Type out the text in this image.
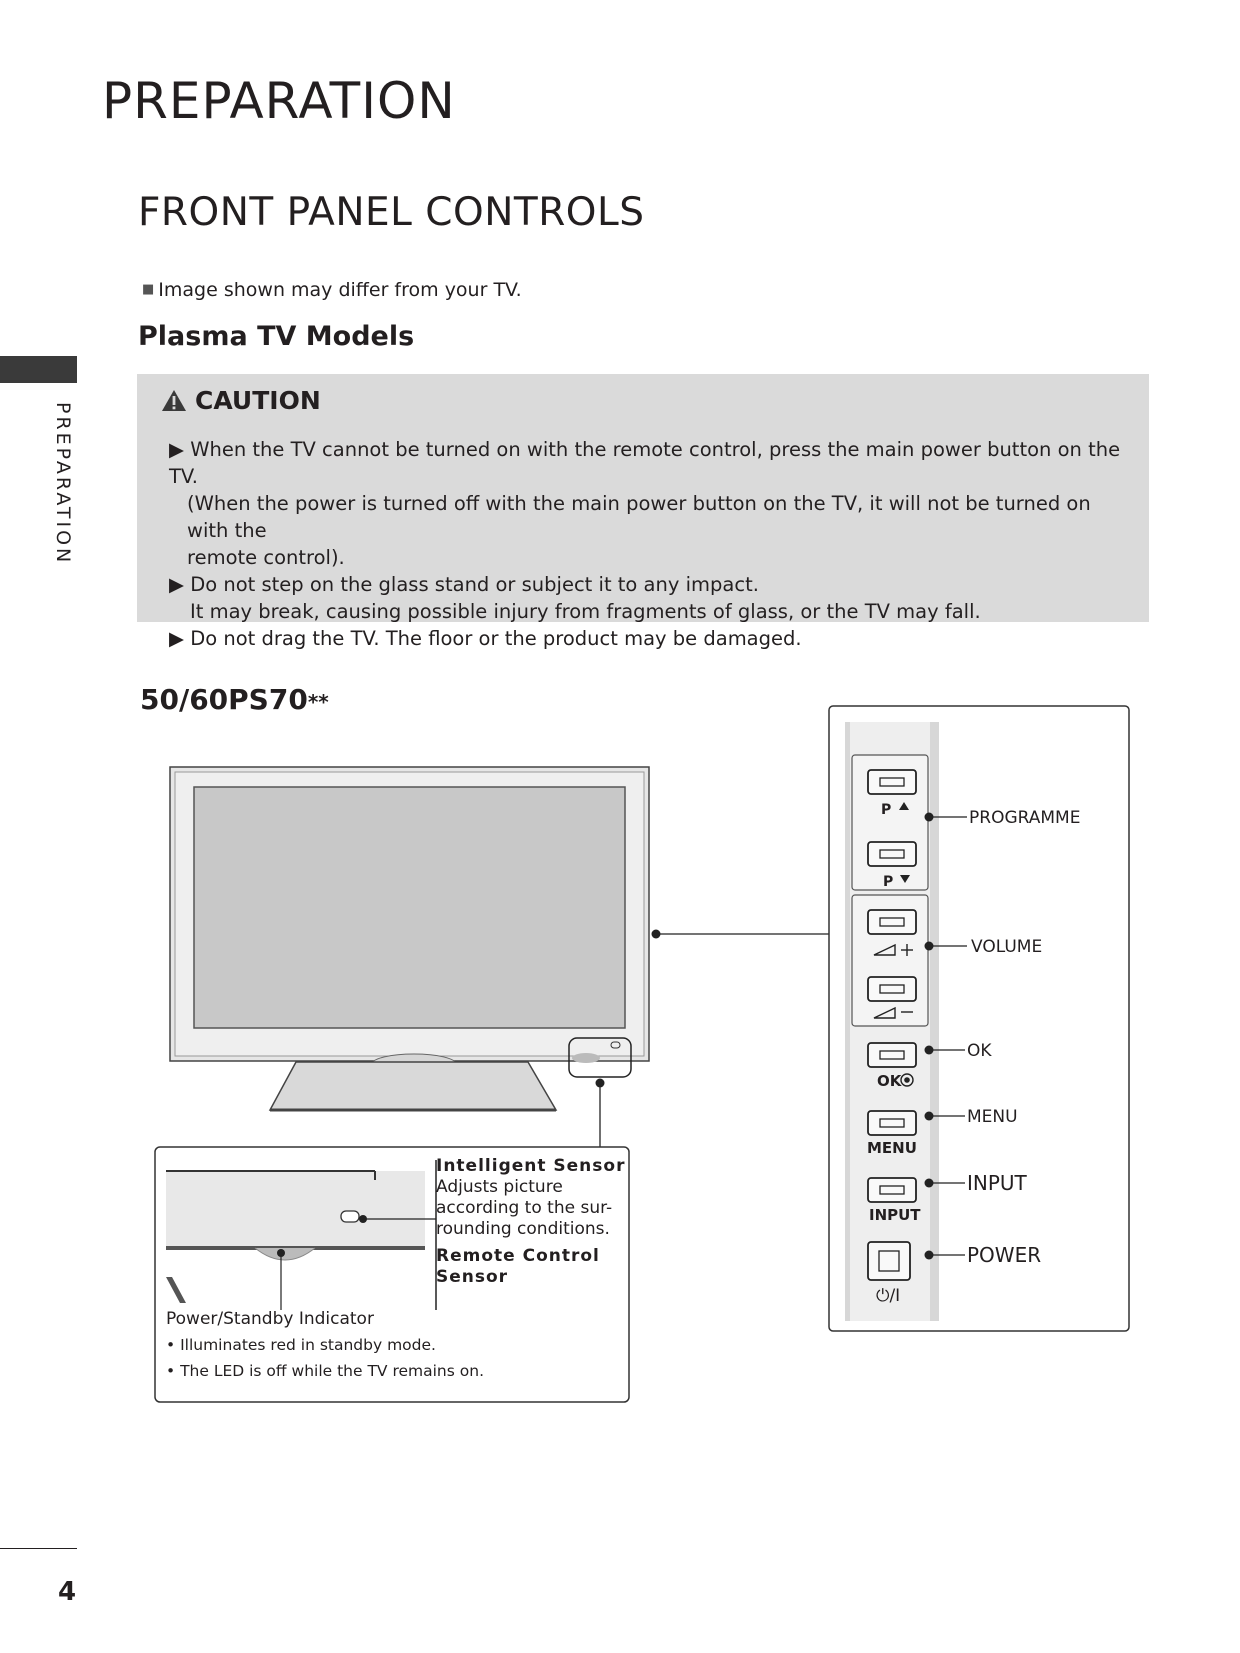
PREPARATION
PREPARATION
FRONT PANEL CONTROLS
■ Image shown may differ from your TV.
Plasma TV Models
CAUTION

▶ When the TV cannot be turned on with the remote control, press the main power button on the TV.

(When the power is turned off with the main power button on the TV, it will not be turned on with the

remote control).

▶ Do not step on the glass stand or subject it to any impact.

It may break, causing possible injury from fragments of glass, or the TV may fall.

▶ Do not drag the TV. The floor or the product may be damaged.

50/60PS70**
P
P
OK
MENU
INPUT
⏻/I
PROGRAMME
VOLUME
OK
MENU
INPUT
POWER
Intelligent Sensor
Adjusts picture
according to the sur-
rounding conditions.
Remote Control
Sensor
Power/Standby Indicator
• Illuminates red in standby mode.
• The LED is off while the TV remains on.
4
